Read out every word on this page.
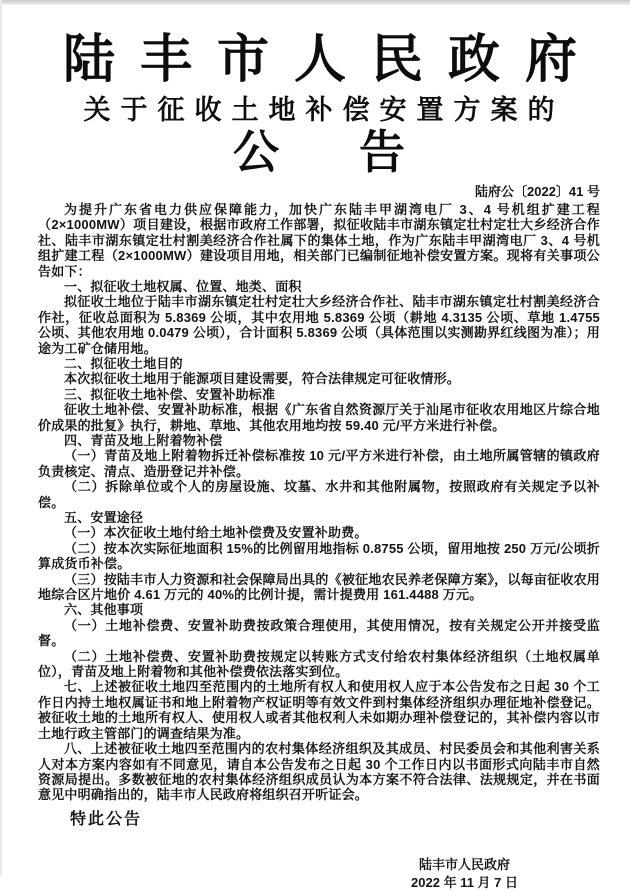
陆丰市人民政府
关于征收土地补偿安置方案的
公 告
陆府公〔2022〕41 号

为提升广东省电力供应保障能力，加快广东陆丰甲湖湾电厂 3、4 号机组扩建工程（2×1000MW）项目建设，根据市政府工作部署，拟征收陆丰市湖东镇定壮村定壮大乡经济合作社、陆丰市湖东镇定壮村割美经济合作社属下的集体土地，作为广东陆丰甲湖湾电厂 3、4 号机组扩建工程（2×1000MW）建设项目用地，相关部门已编制征地补偿安置方案。现将有关事项公告如下：

一、拟征收土地权属、位置、地类、面积

拟征收土地位于陆丰市湖东镇定壮村定壮大乡经济合作社、陆丰市湖东镇定壮村割美经济合作社，征收总面积为 5.8369 公顷，其中农用地 5.8369 公顷（耕地 4.3135 公顷、草地 1.4755 公顷、其他农用地 0.0479 公顷），合计面积 5.8369 公顷（具体范围以实测勘界红线图为准）；用途为工矿仓储用地。

二、拟征收土地目的

本次拟征收土地用于能源项目建设需要，符合法律规定可征收情形。

三、拟征收土地补偿、安置补助标准

征收土地补偿、安置补助标准，根据《广东省自然资源厅关于汕尾市征收农用地区片综合地价成果的批复》执行，耕地、草地、其他农用地均按 59.40 元/平方米进行补偿。

四、青苗及地上附着物补偿

（一）青苗及地上附着物拆迁补偿标准按 10 元/平方米进行补偿，由土地所属管辖的镇政府负责核定、清点、造册登记并补偿。

（二）拆除单位或个人的房屋设施、坟墓、水井和其他附属物，按照政府有关规定予以补偿。

五、安置途径

（一）本次征收土地付给土地补偿费及安置补助费。

（二）按本次实际征地面积 15%的比例留用地指标 0.8755 公顷，留用地按 250 万元/公顷折算成货币补偿。

（三）按陆丰市人力资源和社会保障局出具的《被征地农民养老保障方案》，以每亩征收农用地综合区片地价 4.61 万元的 40%的比例计提，需计提费用 161.4488 万元。

六、其他事项

（一）土地补偿费、安置补助费按政策合理使用，其使用情况，按有关规定公开并接受监督。

（二）土地补偿费、安置补助费按规定以转账方式支付给农村集体经济组织（土地权属单位），青苗及地上附着物和其他补偿费依法落实到位。

七、上述被征收土地四至范围内的土地所有权人和使用权人应于本公告发布之日起 30 个工作日内持土地权属证书和地上附着物产权证明等有效文件到村集体经济组织办理征地补偿登记。被征收土地的土地所有权人、使用权人或者其他权利人未如期办理补偿登记的，其补偿内容以市土地行政主管部门的调查结果为准。

八、上述被征收土地四至范围内的农村集体经济组织及其成员、村民委员会和其他利害关系人对本方案内容如有不同意见，请自本公告发布之日起 30 个工作日内以书面形式向陆丰市自然资源局提出。多数被征地的农村集体经济组织成员认为本方案不符合法律、法规规定，并在书面意见中明确指出的，陆丰市人民政府将组织召开听证会。

特此公告

陆丰市人民政府
2022 年 11 月 7 日
